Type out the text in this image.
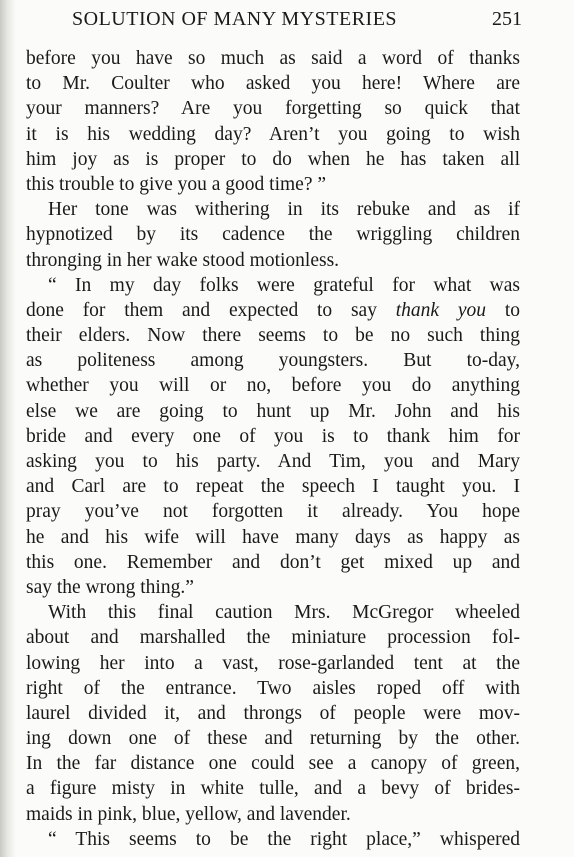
SOLUTION OF MANY MYSTERIES	251
before you have so much as said a word of thanks
to Mr. Coulter who asked you here! Where are
your manners? Are you forgetting so quick that
it is his wedding day? Aren’t you going to wish
him joy as is proper to do when he has taken all
this trouble to give you a good time? ”
Her tone was withering in its rebuke and as if
hypnotized by its cadence the wriggling children
thronging in her wake stood motionless.
“ In my day folks were grateful for what was
done for them and expected to say thank you to
their elders. Now there seems to be no such thing
as politeness among youngsters. But to-day,
whether you will or no, before you do anything
else we are going to hunt up Mr. John and his
bride and every one of you is to thank him for
asking you to his party. And Tim, you and Mary
and Carl are to repeat the speech I taught you. I
pray you’ve not forgotten it already. You hope
he and his wife will have many days as happy as
this one. Remember and don’t get mixed up and
say the wrong thing.”
With this final caution Mrs. McGregor wheeled
about and marshalled the miniature procession fol-
lowing her into a vast, rose-garlanded tent at the
right of the entrance. Two aisles roped off with
laurel divided it, and throngs of people were mov-
ing down one of these and returning by the other.
In the far distance one could see a canopy of green,
a figure misty in white tulle, and a bevy of brides-
maids in pink, blue, yellow, and lavender.
“ This seems to be the right place,” whispered
